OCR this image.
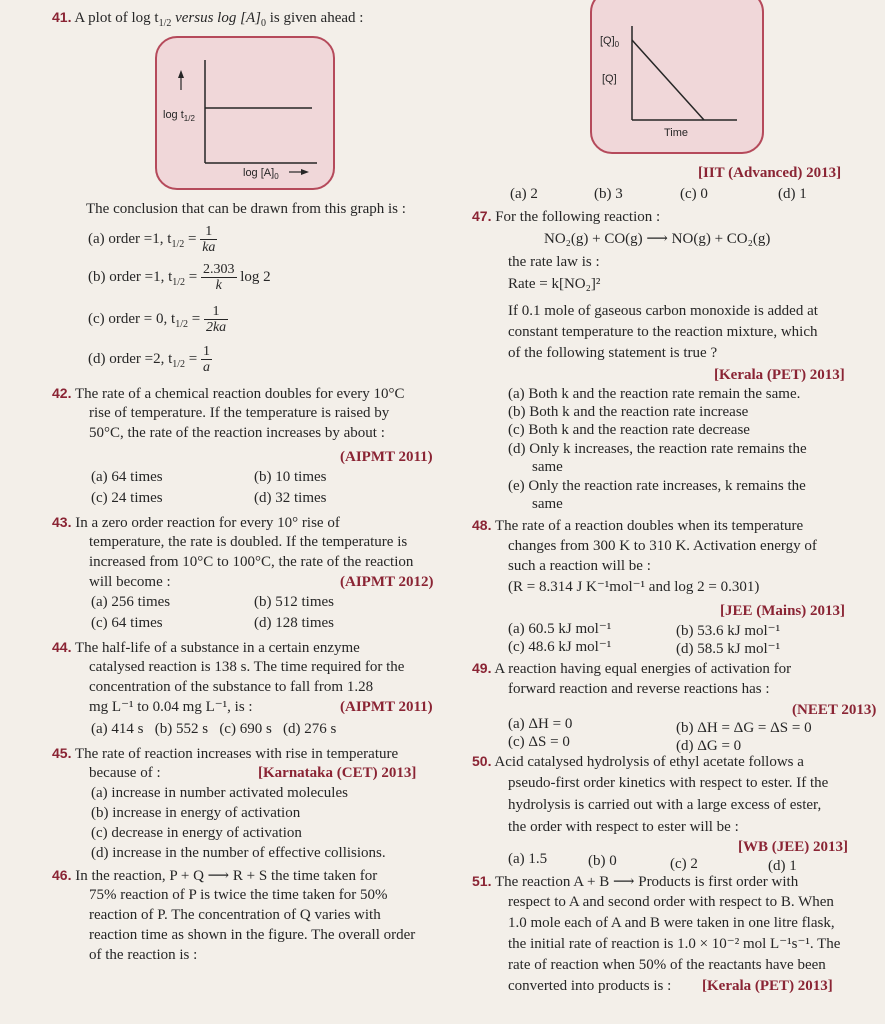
41. A plot of $\log t_{1/2}$ versus $\log [A]_0$ is given ahead :
$\log t_{1/2}$
$\log [A]_0$
The conclusion that can be drawn from this graph is :
(a) order =1, $t_{1/2} = \frac{1}{ka}$
(b) order =1, $t_{1/2} = \frac{2.303}{k}$ log 2
(c) order = 0, $t_{1/2} = \frac{1}{2ka}$
(d) order =2, $t_{1/2} = \frac{1}{a}$
42. The rate of a chemical reaction doubles for every 10°C
rise of temperature. If the temperature is raised by
50°C, the rate of the reaction increases by about :
(AIPMT 2011)
(a) 64 times	(b) 10 times
(c) 24 times	(d) 32 times
43. In a zero order reaction for every 10° rise of
temperature, the rate is doubled. If the temperature is
increased from 10°C to 100°C, the rate of the reaction
will become :	(AIPMT 2012)
(a) 256 times	(b) 512 times
(c) 64 times	(d) 128 times
44. The half-life of a substance in a certain enzyme
catalysed reaction is 138 s. The time required for the
concentration of the substance to fall from 1.28
mg L⁻¹ to 0.04 mg L⁻¹, is :	(AIPMT 2011)
(a) 414 s   (b) 552 s   (c) 690 s   (d) 276 s
45. The rate of reaction increases with rise in temperature
because of :	[Karnataka (CET) 2013]
(a) increase in number activated molecules
(b) increase in energy of activation
(c) decrease in energy of activation
(d) increase in the number of effective collisions.
46. In the reaction, P + Q ⟶ R + S the time taken for
75% reaction of P is twice the time taken for 50%
reaction of P. The concentration of Q varies with
reaction time as shown in the figure. The overall order
of the reaction is :
$[Q]_0$
[Q]
Time
[IIT (Advanced) 2013]
(a) 2	(b) 3	(c) 0	(d) 1
47. For the following reaction :
NO₂(g) + CO(g) ⟶ NO(g) + CO₂(g)
the rate law is :
Rate = k[NO₂]²
If 0.1 mole of gaseous carbon monoxide is added at
constant temperature to the reaction mixture, which
of the following statement is true ?
[Kerala (PET) 2013]
(a) Both k and the reaction rate remain the same.
(b) Both k and the reaction rate increase
(c) Both k and the reaction rate decrease
(d) Only k increases, the reaction rate remains the
same
(e) Only the reaction rate increases, k remains the
same
48. The rate of a reaction doubles when its temperature
changes from 300 K to 310 K. Activation energy of
such a reaction will be :
(R = 8.314 J K⁻¹mol⁻¹ and log 2 = 0.301)
[JEE (Mains) 2013]
(a) 60.5 kJ mol⁻¹	(b) 53.6 kJ mol⁻¹
(c) 48.6 kJ mol⁻¹	(d) 58.5 kJ mol⁻¹
49. A reaction having equal energies of activation for
forward reaction and reverse reactions has :
(NEET 2013)
(a) ΔH = 0	(b) ΔH = ΔG = ΔS = 0
(c) ΔS = 0	(d) ΔG = 0
50. Acid catalysed hydrolysis of ethyl acetate follows a
pseudo-first order kinetics with respect to ester. If the
hydrolysis is carried out with a large excess of ester,
the order with respect to ester will be :
[WB (JEE) 2013]
(a) 1.5	(b) 0	(c) 2	(d) 1
51. The reaction A + B ⟶ Products is first order with
respect to A and second order with respect to B. When
1.0 mole each of A and B were taken in one litre flask,
the initial rate of reaction is 1.0 × 10⁻² mol L⁻¹s⁻¹. The
rate of reaction when 50% of the reactants have been
converted into products is : [Kerala (PET) 2013]
